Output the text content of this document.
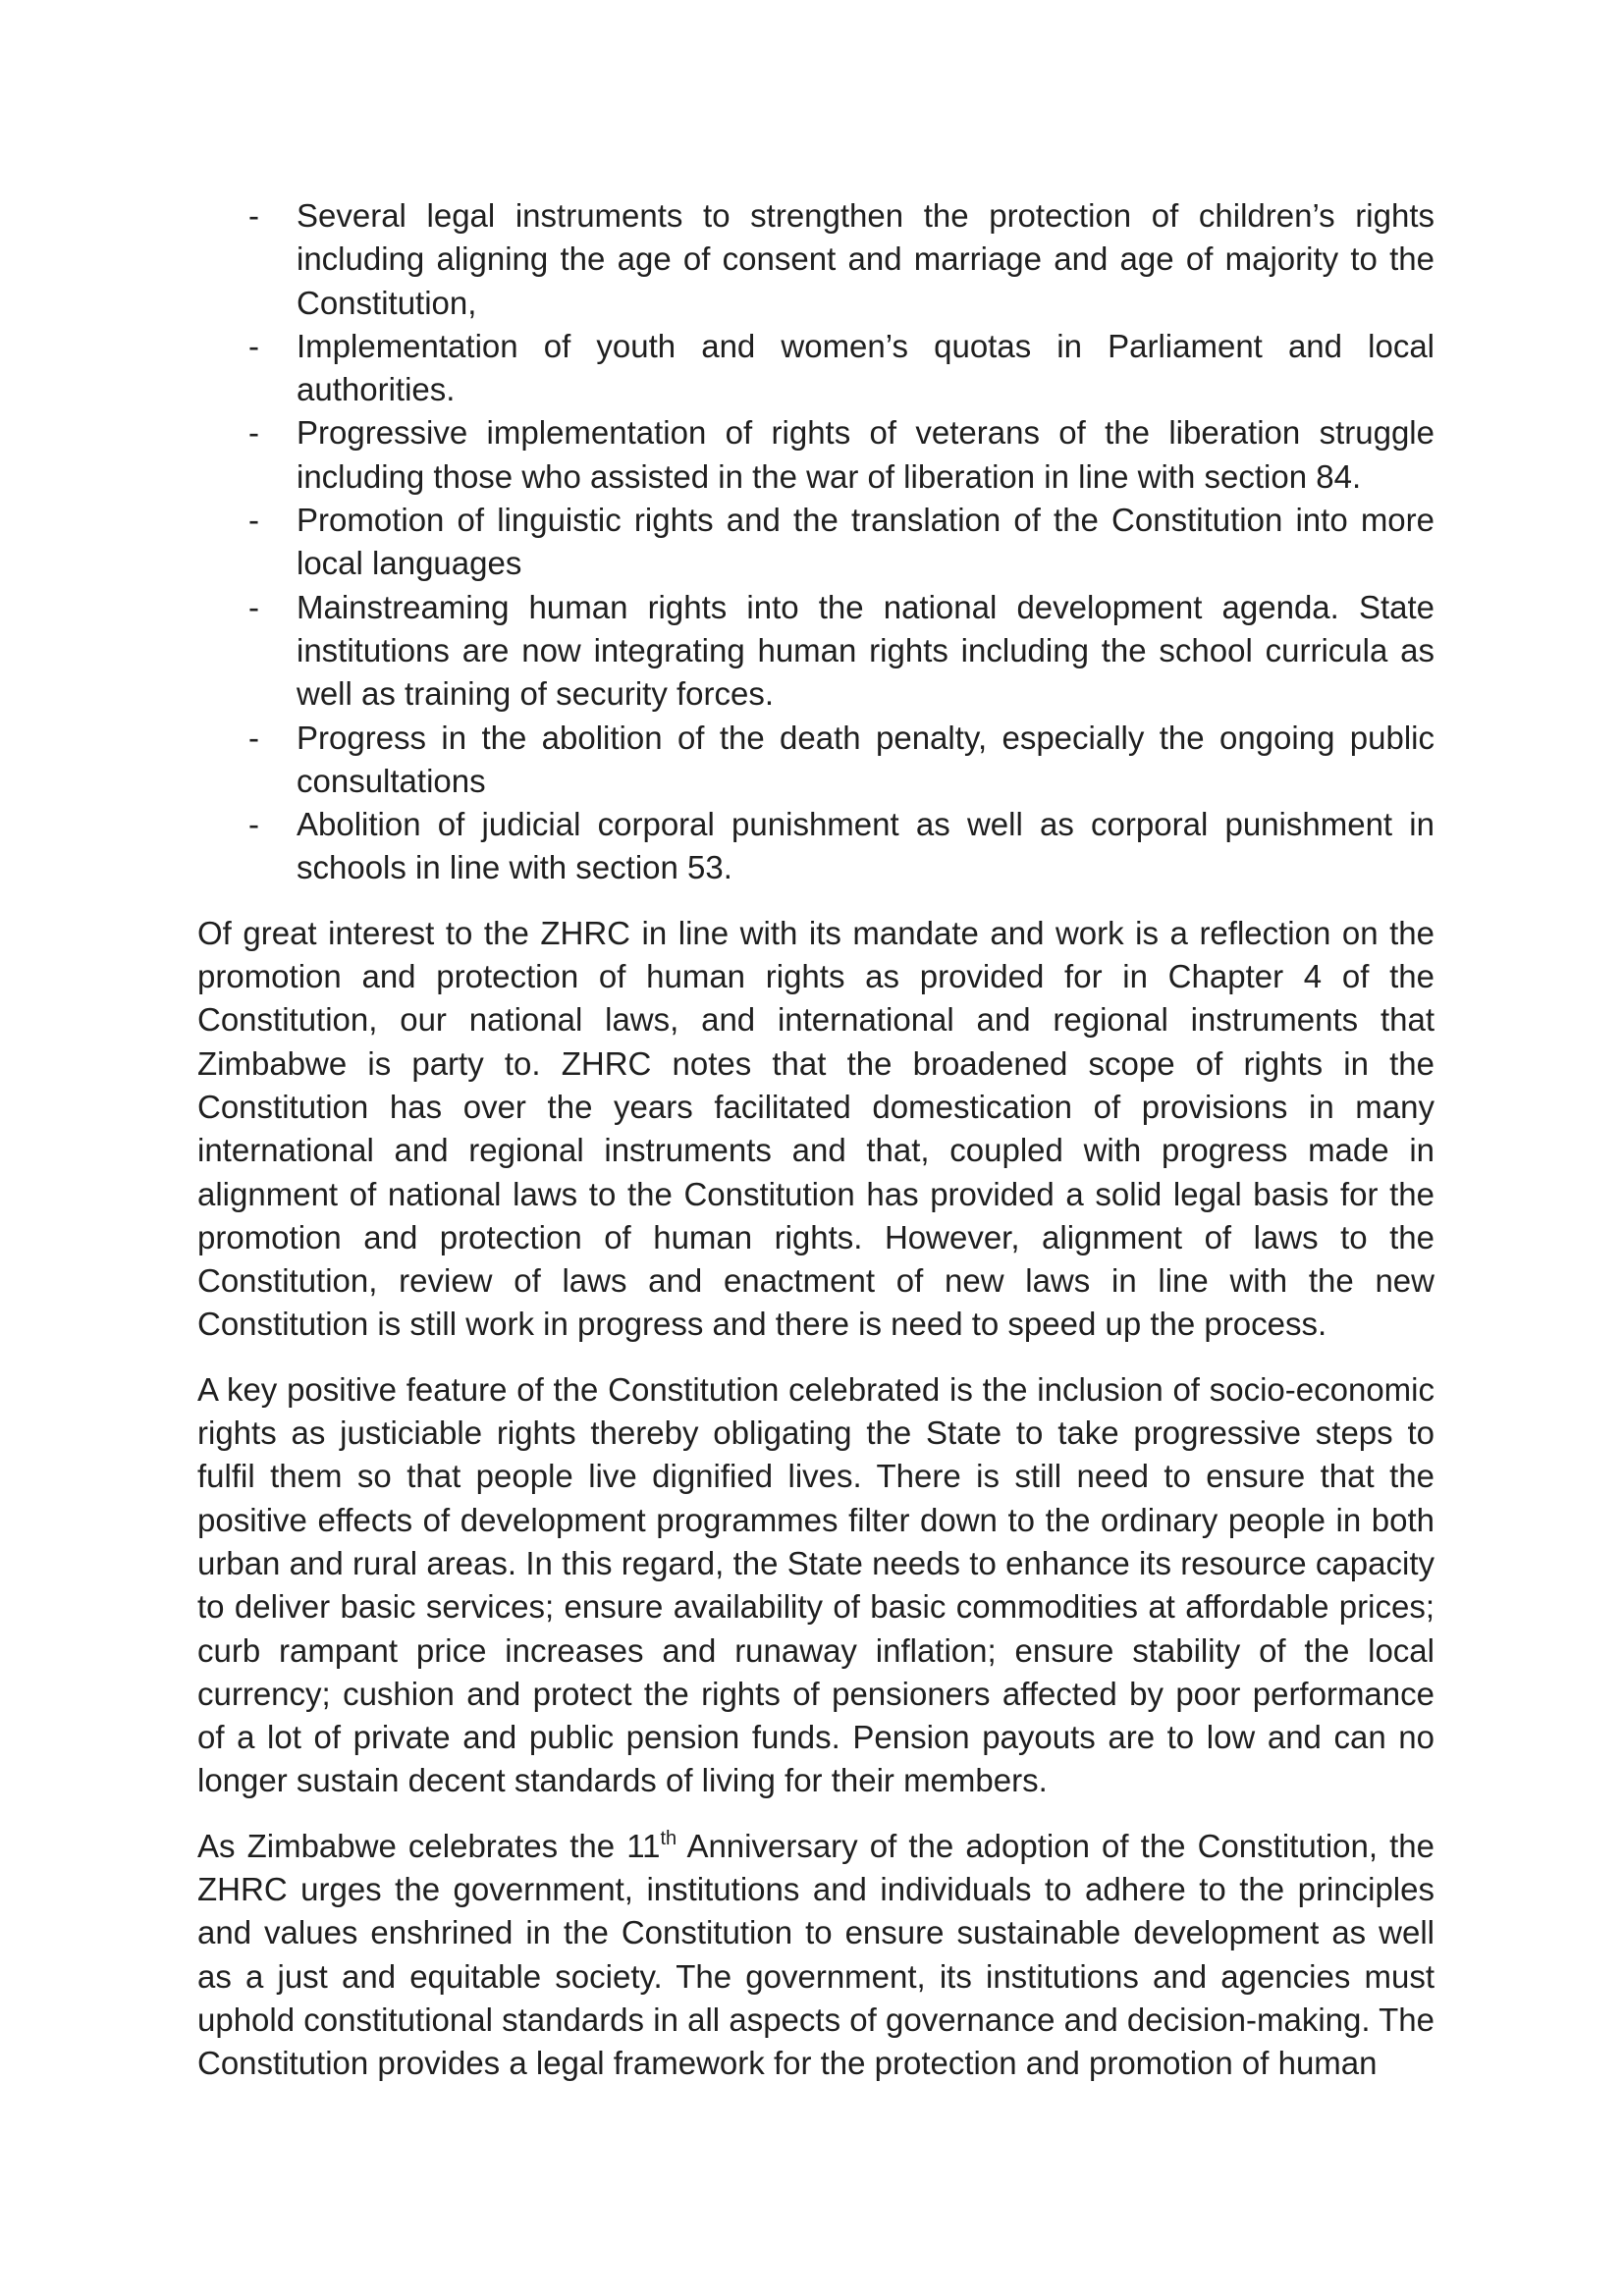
- Several legal instruments to strengthen the protection of children’s rights including aligning the age of consent and marriage and age of majority to the Constitution,
- Implementation of youth and women’s quotas in Parliament and local authorities.
- Progressive implementation of rights of veterans of the liberation struggle including those who assisted in the war of liberation in line with section 84.
- Promotion of linguistic rights and the translation of the Constitution into more local languages
- Mainstreaming human rights into the national development agenda. State institutions are now integrating human rights including the school curricula as well as training of security forces.
- Progress in the abolition of the death penalty, especially the ongoing public consultations
- Abolition of judicial corporal punishment as well as corporal punishment in schools in line with section 53.

Of great interest to the ZHRC in line with its mandate and work is a reflection on the promotion and protection of human rights as provided for in Chapter 4 of the Constitution, our national laws, and international and regional instruments that Zimbabwe is party to. ZHRC notes that the broadened scope of rights in the Constitution has over the years facilitated domestication of provisions in many international and regional instruments and that, coupled with progress made in alignment of national laws to the Constitution has provided a solid legal basis for the promotion and protection of human rights. However, alignment of laws to the Constitution, review of laws and enactment of new laws in line with the new Constitution is still work in progress and there is need to speed up the process.

A key positive feature of the Constitution celebrated is the inclusion of socio-economic rights as justiciable rights thereby obligating the State to take progressive steps to fulfil them so that people live dignified lives. There is still need to ensure that the positive effects of development programmes filter down to the ordinary people in both urban and rural areas. In this regard, the State needs to enhance its resource capacity to deliver basic services; ensure availability of basic commodities at affordable prices; curb rampant price increases and runaway inflation; ensure stability of the local currency; cushion and protect the rights of pensioners affected by poor performance of a lot of private and public pension funds. Pension payouts are to low and can no longer sustain decent standards of living for their members.

As Zimbabwe celebrates the 11th Anniversary of the adoption of the Constitution, the ZHRC urges the government, institutions and individuals to adhere to the principles and values enshrined in the Constitution to ensure sustainable development as well as a just and equitable society. The government, its institutions and agencies must uphold constitutional standards in all aspects of governance and decision-making. The Constitution provides a legal framework for the protection and promotion of human
